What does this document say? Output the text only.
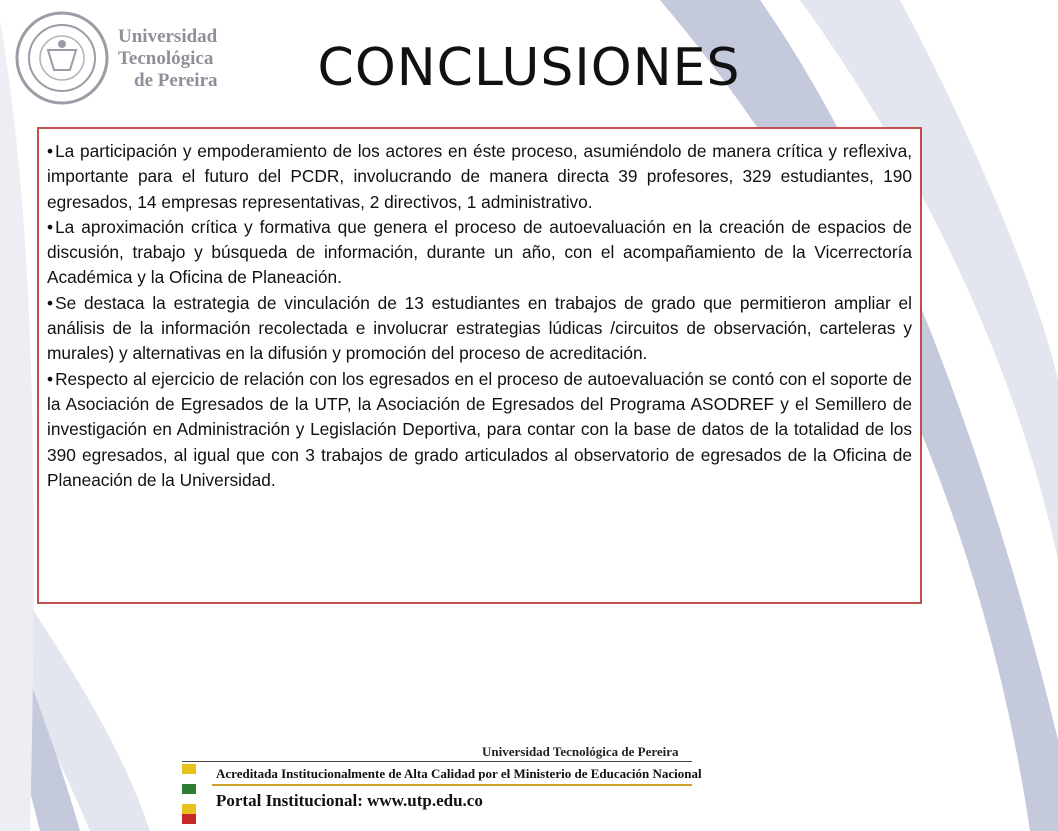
Universidad
Tecnológica
de Pereira	CONCLUSIONES

• La participación y empoderamiento de los actores en éste proceso, asumiéndolo de manera crítica y reflexiva, importante para el futuro del PCDR, involucrando de manera directa 39 profesores, 329 estudiantes, 190 egresados, 14 empresas representativas, 2 directivos, 1 administrativo.

• La aproximación crítica y formativa que genera el proceso de autoevaluación en la creación de espacios de discusión, trabajo y búsqueda de información, durante un año, con el acompañamiento de la Vicerrectoría Académica y la Oficina de Planeación.

• Se destaca la estrategia de vinculación de 13 estudiantes en trabajos de grado que permitieron ampliar el análisis de la información recolectada e involucrar estrategias lúdicas /circuitos de observación, carteleras y murales) y alternativas en la difusión y promoción del proceso de acreditación.

• Respecto al ejercicio de relación con los egresados en el proceso de autoevaluación se contó con el soporte de la Asociación de Egresados de la UTP, la Asociación de Egresados del Programa ASODREF y el Semillero de investigación en Administración y Legislación Deportiva, para contar con la base de datos de la totalidad de los 390 egresados, al igual que con 3 trabajos de grado articulados al observatorio de egresados de la Oficina de Planeación de la Universidad.

Universidad Tecnológica de Pereira
Acreditada Institucionalmente de Alta Calidad por el Ministerio de Educación Nacional
Portal Institucional: www.utp.edu.co
